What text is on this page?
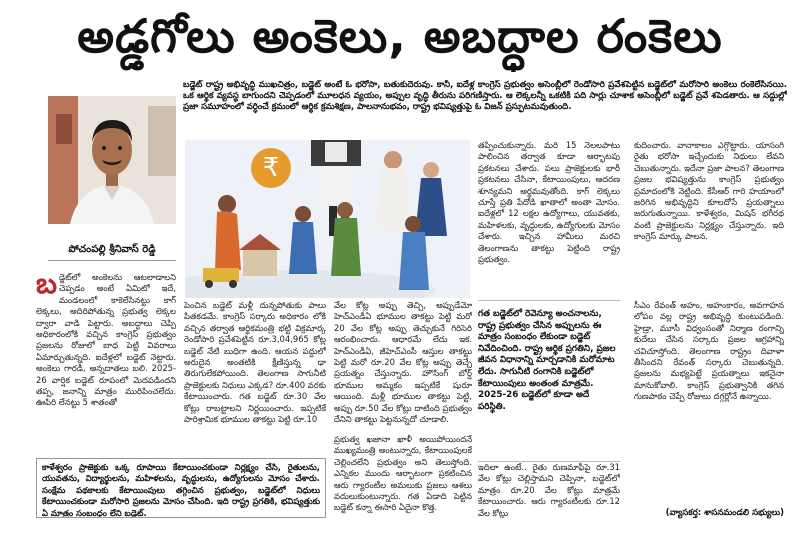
అడ్డగోలు అంకెలు, అబద్ధాల రంకెలు
పోచంపల్లి శ్రీనివాస్ రెడ్డి
బడ్జెట్ రాష్ట్ర అభివృద్ధి ముఖచిత్రం, బడ్జెట్ అంటే ఓ భరోసా, బతుకుదెరువు. కానీ, ఐదేళ్ల కాంగ్రెస్ ప్రభుత్వం అసెంబ్లీలో రెండోసారి ప్రవేశపెట్టిన బడ్జెట్‌లో మరోసారి అంకెలు రంకెలేసినయి. ఒక ఆర్థిక వ్యవస్థ బాగుందని చెప్పడంలో మూలధన వ్యయం, అప్పుల వృద్ధి తీరును పరిగణిస్తారు. ఆ లెక్కలన్నీ ఒకటికి పది సార్లు చూశాక అసెంబ్లీలో బడ్జెట్ ప్రవే శపెడతారు. ఆ సద్దుల్లో ప్రజా సమూహంలో వర్ధించే క్రమంలో ఆర్థిక క్రమశిక్షణ, పాలనానుభవం, రాష్ట్ర భవిష్యత్తుపై ఓ విజన్ ప్రస్ఫుటమవుతుంది.
₹
బడ్జెట్‌లో అంకెలను ఆటలాడాలని చెప్పడం అంటే ఏమిటో ఇదే, మండలంలో కాకెలేసినట్టు కాగ్ లెక్కలు, అదిరిపోతున్న ప్రభుత్వ లెక్కల ద్వారా వాడి పెట్టారు. అబద్ధాలు చెప్పి అధికారంలోకి వచ్చిన కాంగ్రెస్ ప్రభుత్వం ప్రజలను రోజులో బాధ పెట్టి వివరాలు ఏమార్చుతున్నది. ఐదేళ్లలో బడ్జెట్ నెట్టారు. అంకెలు గారడీ, అన్నదాతలు బలి. 2025-26 వార్షిక బడ్జెట్ రూపంలో మెదపడిందని తప్ప, జనాన్ని మాత్రం మురిపించలేదు. ఊపిరి లేనట్టు 5 శాతంతో
పెంచిన బడ్జెట్ మళ్లీ దున్నపోతుకు పాలు పితకడమే. కాంగ్రెస్ సర్కారు అధికారం లోకి వచ్చిన తర్వాత ఆర్థికమంత్రి భట్టి విక్రమార్క రెండోసారి ప్రవేశపెట్టిన రూ.3,04,965 కోట్ల బడ్జెట్ నేటి బుధిగా ఉంది. ఆయన పద్దులో అరుదైన అంతటికి క్షీణిస్తున్న ఢా తిరుగులేకపోయింది. తెలంగాణ సాగునీటి ప్రాజెక్టులకు నిధులు ఎక్కడ? రూ.400 వరకు కేటాయించారు. గత బడ్జెట్ రూ.30 వేల కోట్లు రాబట్టాలని నిర్ణయించారు. ఇప్పటికే పారిశ్రామిక భూముల తాకట్టు పెట్టి రూ.10
వేల కోట్ల అప్పు తెచ్చి, అప్పుడేమో హెచ్‌ఎండీఏ భూముల తాకట్టు పెట్టి మరో 20 వేల కోట్ల అప్పు తెచ్చుకునే గిరిసెరి ఆరంభించారు. ఆధారమే లేదు ఇక. హెచ్‌ఎండీఏ, జీహెచ్‌ఎంసీ ఆస్తుల తాకట్టు పెట్టి మరో రూ.20 వేల కోట్ల అప్పు తెచ్చే ప్రయత్నం చేస్తున్నారు. హౌసింగ్ బోర్డ్ భూముల అమ్మకం ఇప్పటికే షురూ ఆయింది. మళ్లీ భూముల తాకట్టు పెట్టి, అప్పు రూ.50 వేల కోట్లు దాటింది ప్రభుత్వం దేనిని తాకట్టు పెట్టనున్నదో చూడాలి.
ప్రభుత్వ ఖజానా ఖాళీ అయిపోయిందనే ముఖ్యమంత్రి అంటున్నారు, కేటాయింపులకే చెల్లించలేని ప్రభుత్వం అని తెలుస్తోంది. ఎన్నికల ముందు ఆర్భాటంగా ప్రకటించిన ఆరు గ్యారంటీల అమలుకు ప్రజలు ఆశలు వదులుకుంటున్నారు. గత ఏడాది పెట్టిన బడ్జెట్ కన్నా ఈసారి ఏదైనా కొత్త.
తప్పించుకున్నారు. మరి 15 నెలలపాటు పాలించిన తర్వాత కూడా ఆర్భాటపు ప్రకటనలు చేశారు. పలు ప్రాజెక్టులకు భారీ ప్రకటనలు చేసినా, కేటాయింపులు, ఆదరణ శూన్యమని అర్థమవుతోంది. కాగ్ లెక్కలు చూస్తే ప్రతి పేదోడి ఖాతాలో అంతా మోసం. ఐదేళ్లలో 12 లక్షల ఉద్యోగాలు, యువతకు, మహిళలకు, వృద్ధులకు, ఉద్యోగులకు మోసం చేశారు. ఇచ్చిన హామీలు మరచి తెలంగాణను తాకట్టు పెట్టింది రాష్ట్ర ప్రభుత్వం.
కుదించారు. వానాకాలం ఎగ్గొట్టారు. యాసంగి రైతు భరోసా ఇచ్చేందుకు నిధులు లేవని చెబుతున్నారు. ఇదేనా ప్రజా పాలన? తెలంగాణ ప్రజల భవిష్యత్తును కాంగ్రెస్ ప్రభుత్వం ప్రమాదంలోకి నెట్టింది. కేసీఆర్ గారి హయాంలో జరిగిన అభివృద్ధిని కూలదోసే ప్రయత్నాలు జరుగుతున్నాయి. కాళేశ్వరం, మిషన్ భగీరథ వంటి ప్రాజెక్టులను నిర్లక్ష్యం చేస్తున్నారు. ఇది కాంగ్రెస్ మార్కు పాలన.
గత బడ్జెట్‌లో రెవెన్యూ అంచనాలను, రాష్ట్ర ప్రభుత్వం చేసిన అప్పులను ఈ మాత్రం సంబంధం లేకుండా బడ్జెట్ నివేదించింది. రాష్ట్ర ఆర్థిక ప్రగతిని, ప్రజల జీవన విధానాన్ని మార్చడానికి మరోమాట లేదు. సాగునీటి రంగానికి బడ్జెట్‌లో కేటాయింపులు అంతంత మాత్రమే. 2025-26 బడ్జెట్‌లో కూడా అదే పరిస్థితి.
ఇదిలా ఉంటే.. రైతు రుణమాఫీపై రూ.31 వేల కోట్లు చెల్లిస్తామని చెప్పినా, బడ్జెట్‌లో మాత్రం రూ.20 వేల కోట్లు మాత్రమే కేటాయించారు. ఆరు గ్యారంటీలకు రూ.12 వేల కోట్లు
సీఎం రేవంత్ అహం, అహంకారం, అవగాహన లోపం వల్ల రాష్ట్ర అభివృద్ధి కుంటుపడింది. హైడ్రా, మూసీ విధ్వంసంతో నిర్మాణ రంగాన్ని కుదేలు చేసిన సర్కారు ప్రజల ఆగ్రహాన్ని చవిచూస్తోంది. తెలంగాణ రాష్ట్రం దివాళా తీసిందని రేవంత్ సర్కారు చెబుతున్నది. ప్రజలను మభ్యపెట్టే ప్రయత్నాలు ఇకనైనా మానుకోవాలి. కాంగ్రెస్ ప్రభుత్వానికి తగిన గుణపాఠం చెప్పే రోజులు దగ్గర్లోనే ఉన్నాయి.
కాళేశ్వరం ప్రాజెక్టుకు ఒక్క రూపాయి కేటాయించకుండా నిర్లక్ష్యం చేసి, రైతులను, యువతను, విద్యార్థులను, మహిళలను, వృద్ధులను, ఉద్యోగులను మోసం చేశారు. సంక్షేమ పథకాలకు కేటాయింపులు తగ్గించిన ప్రభుత్వం, బడ్జెట్‌లో నిధులు కేటాయించకుండా మరోసారి ప్రజలను మోసం చేసింది. ఇది రాష్ట్ర ప్రగతికి, భవిష్యత్తుకు ఏ మాత్రం సంబంధం లేని బడ్జెట్.	(వ్యాసకర్త: శాసనమండలి సభ్యులు)
